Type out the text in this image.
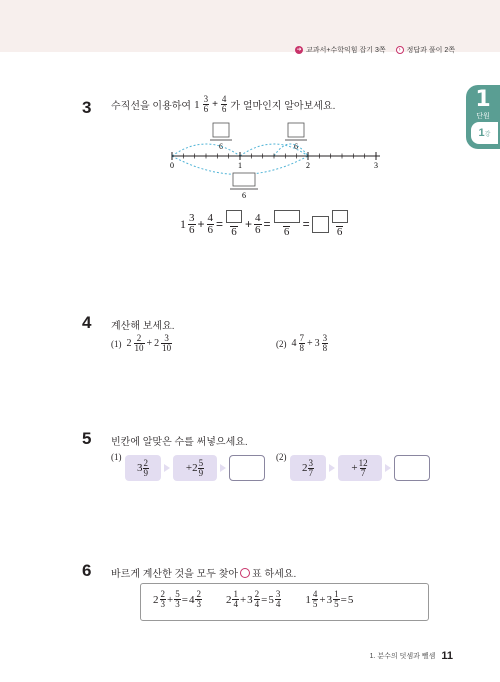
➜ 교과서+수학익힘 잡기 3쪽	› 정답과 풀이 2쪽
1
단원
1강
3 수직선을 이용하여 $1 \frac{3}{6} + \frac{4}{6}$ 가 얼마인지 알아보세요.
6	6
0	1	2	3
6
$1 \frac{3}{6} + \frac{4}{6}$ =
6
+ $\frac{4}{6}$ =
6
=
6
4 계산해 보세요.
(1) $2 \frac{2}{10} + 2 \frac{3}{10}$	(2) $4 \frac{7}{8} + 3 \frac{3}{8}$
5 빈칸에 알맞은 수를 써넣으세요.
(1)
$3 \frac{2}{9}$	$+2 \frac{5}{9}$
(2)
$2 \frac{3}{7}$	+ $\frac{12}{7}$
6 바르게 계산한 것을 모두 찾아 ○ 표 하세요.
$2 \frac{2}{3} + \frac{5}{3} = 4 \frac{2}{3} 2 \frac{1}{4} + 3 \frac{2}{4} = 5 \frac{3}{4} 1 \frac{4}{5} + 3 \frac{1}{5} = 5$
1. 분수의 덧셈과 뺄셈 11
